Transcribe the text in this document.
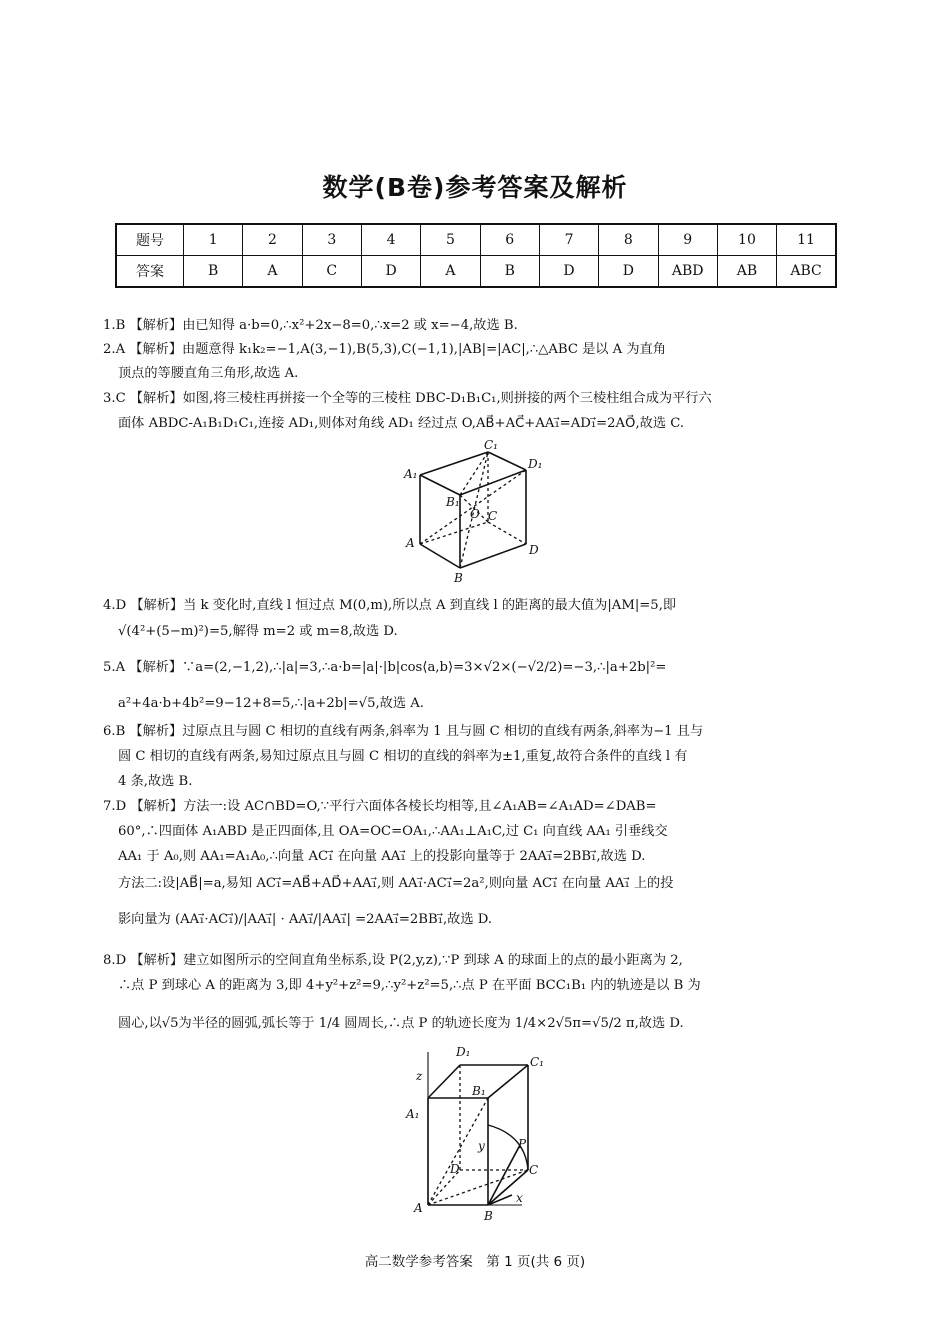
数学(B卷)参考答案及解析
题号	1	2	3	4	5	6	7	8	9	10	11
答案	B	A	C	D	A	B	D	D	ABD	AB	ABC
1.B 【解析】由已知得 a·b=0,∴x²+2x−8=0,∴x=2 或 x=−4,故选 B.
2.A 【解析】由题意得 k₁k₂=−1,A(3,−1),B(5,3),C(−1,1),|AB|=|AC|,∴△ABC 是以 A 为直角
顶点的等腰直角三角形,故选 A.
3.C 【解析】如图,将三棱柱再拼接一个全等的三棱柱 DBC-D₁B₁C₁,则拼接的两个三棱柱组合成为平行六
面体 ABDC-A₁B₁D₁C₁,连接 AD₁,则体对角线 AD₁ 经过点 O,AB⃗+AC⃗+AA₁⃗=AD₁⃗=2AO⃗,故选 C.
C₁
D₁
A₁
B₁
O C
A	D
B
4.D 【解析】当 k 变化时,直线 l 恒过点 M(0,m),所以点 A 到直线 l 的距离的最大值为|AM|=5,即
√(4²+(5−m)²)=5,解得 m=2 或 m=8,故选 D.
5.A 【解析】∵a=(2,−1,2),∴|a|=3,∴a·b=|a|·|b|cos⟨a,b⟩=3×√2×(−√2/2)=−3,∴|a+2b|²=
a²+4a·b+4b²=9−12+8=5,∴|a+2b|=√5,故选 A.
6.B 【解析】过原点且与圆 C 相切的直线有两条,斜率为 1 且与圆 C 相切的直线有两条,斜率为−1 且与
圆 C 相切的直线有两条,易知过原点且与圆 C 相切的直线的斜率为±1,重复,故符合条件的直线 l 有
4 条,故选 B.
7.D 【解析】方法一:设 AC∩BD=O,∵平行六面体各棱长均相等,且∠A₁AB=∠A₁AD=∠DAB=
60°,∴四面体 A₁ABD 是正四面体,且 OA=OC=OA₁,∴AA₁⊥A₁C,过 C₁ 向直线 AA₁ 引垂线交
AA₁ 于 A₀,则 AA₁=A₁A₀,∴向量 AC₁⃗ 在向量 AA₁⃗ 上的投影向量等于 2AA₁⃗=2BB₁⃗,故选 D.
方法二:设|AB⃗|=a,易知 AC₁⃗=AB⃗+AD⃗+AA₁⃗,则 AA₁⃗·AC₁⃗=2a²,则向量 AC₁⃗ 在向量 AA₁⃗ 上的投
影向量为 (AA₁⃗·AC₁⃗)/|AA₁⃗| · AA₁⃗/|AA₁⃗| =2AA₁⃗=2BB₁⃗,故选 D.
8.D 【解析】建立如图所示的空间直角坐标系,设 P(2,y,z),∵P 到球 A 的球面上的点的最小距离为 2,
∴点 P 到球心 A 的距离为 3,即 4+y²+z²=9,∴y²+z²=5,∴点 P 在平面 BCC₁B₁ 内的轨迹是以 B 为
圆心,以√5为半径的圆弧,弧长等于 1/4 圆周长,∴点 P 的轨迹长度为 1/4×2√5π=√5/2 π,故选 D.
D₁
C₁
B₁
A₁
z
y	P
D	C
x
A
B
高二数学参考答案　第 1 页(共 6 页)
